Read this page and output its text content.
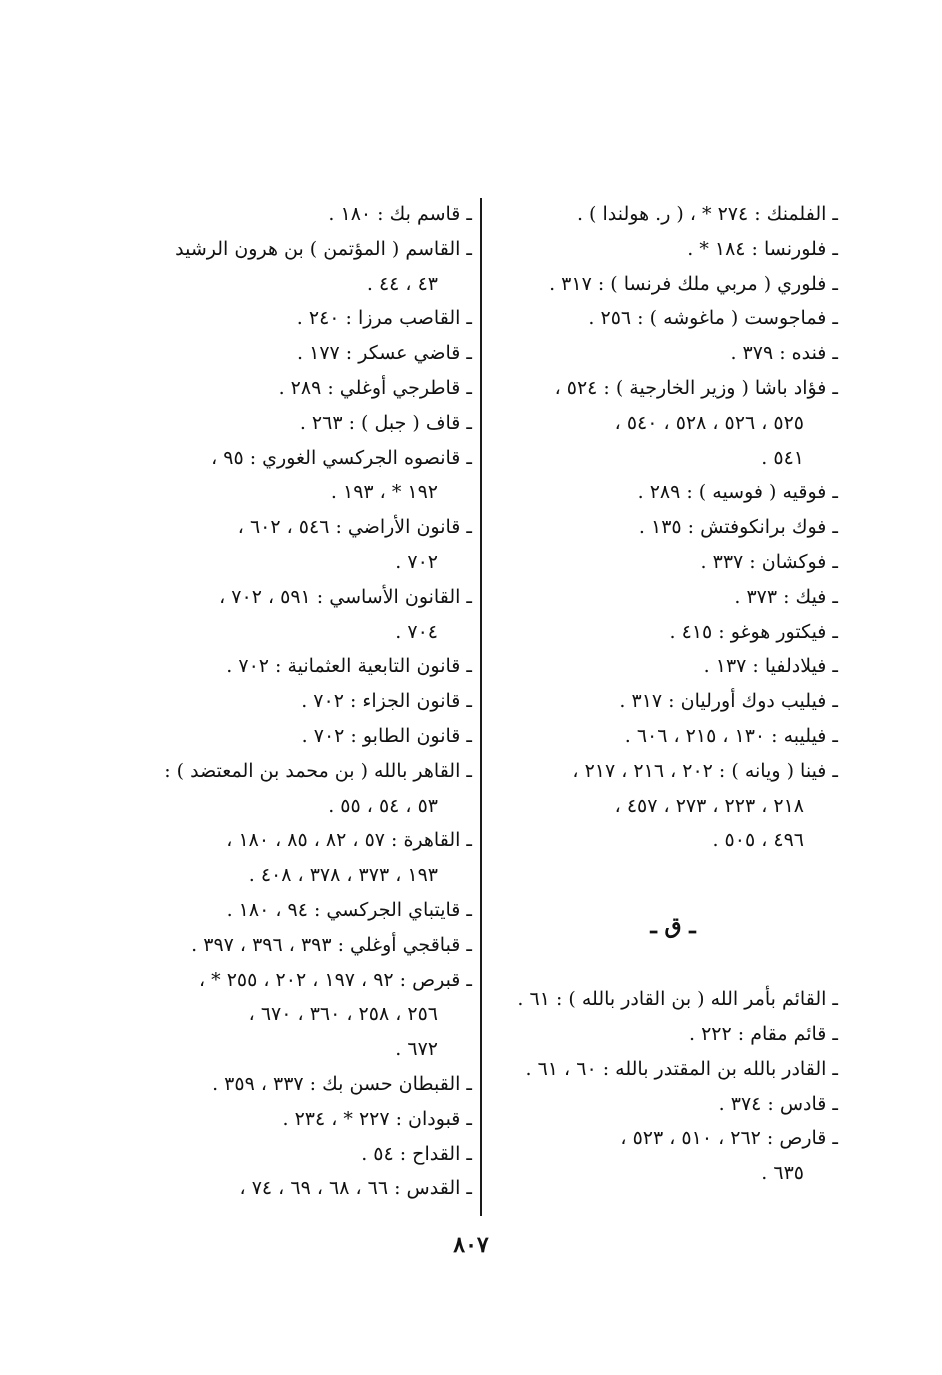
ـ الفلمنك : ٢٧٤ * ، ( ر. هولندا ) .
ـ فلورنسا : ١٨٤ * .
ـ فلوري ( مربي ملك فرنسا ) : ٣١٧ .
ـ فماجوست ( ماغوشه ) : ٢٥٦ .
ـ فنده : ٣٧٩ .
ـ فؤاد باشا ( وزير الخارجية ) : ٥٢٤ ،
٥٢٥ ، ٥٢٦ ، ٥٢٨ ، ٥٤٠ ،
٥٤١ .
ـ فوقيه ( فوسيه ) : ٢٨٩ .
ـ فوك برانكوفتش : ١٣٥ .
ـ فوكشان : ٣٣٧ .
ـ فيك : ٣٧٣ .
ـ فيكتور هوغو : ٤١٥ .
ـ فيلادلفيا : ١٣٧ .
ـ فيليب دوك أورليان : ٣١٧ .
ـ فيليبه : ١٣٠ ، ٢١٥ ، ٦٠٦ .
ـ فينا ( ويانه ) : ٢٠٢ ، ٢١٦ ، ٢١٧ ،
٢١٨ ، ٢٢٣ ، ٢٧٣ ، ٤٥٧ ،
٤٩٦ ، ٥٠٥ .
ـ ق ـ
ـ القائم بأمر الله ( بن القادر بالله ) : ٦١ .
ـ قائم مقام : ٢٢٢ .
ـ القادر بالله بن المقتدر بالله : ٦٠ ، ٦١ .
ـ قادس : ٣٧٤ .
ـ قارص : ٢٦٢ ، ٥١٠ ، ٥٢٣ ،
٦٣٥ .
ـ قاسم بك : ١٨٠ .
ـ القاسم ( المؤتمن ) بن هرون الرشيد
٤٣ ، ٤٤ .
ـ القاصب مرزا : ٢٤٠ .
ـ قاضي عسكر : ١٧٧ .
ـ قاطرجي أوغلي : ٢٨٩ .
ـ قاف ( جبل ) : ٢٦٣ .
ـ قانصوه الجركسي الغوري : ٩٥ ،
١٩٢ * ، ١٩٣ .
ـ قانون الأراضي : ٥٤٦ ، ٦٠٢ ،
٧٠٢ .
ـ القانون الأساسي : ٥٩١ ، ٧٠٢ ،
٧٠٤ .
ـ قانون التابعية العثمانية : ٧٠٢ .
ـ قانون الجزاء : ٧٠٢ .
ـ قانون الطابو : ٧٠٢ .
ـ القاهر بالله ( بن محمد بن المعتضد ) :
٥٣ ، ٥٤ ، ٥٥ .
ـ القاهرة : ٥٧ ، ٨٢ ، ٨٥ ، ١٨٠ ،
١٩٣ ، ٣٧٣ ، ٣٧٨ ، ٤٠٨ .
ـ قايتباي الجركسي : ٩٤ ، ١٨٠ .
ـ قباقجي أوغلي : ٣٩٣ ، ٣٩٦ ، ٣٩٧ .
ـ قبرص : ٩٢ ، ١٩٧ ، ٢٠٢ ، ٢٥٥ * ،
٢٥٦ ، ٢٥٨ ، ٣٦٠ ، ٦٧٠ ،
٦٧٢ .
ـ القبطان حسن بك : ٣٣٧ ، ٣٥٩ .
ـ قبودان : ٢٢٧ * ، ٢٣٤ .
ـ القداح : ٥٤ .
ـ القدس : ٦٦ ، ٦٨ ، ٦٩ ، ٧٤ ،
٨٠٧
